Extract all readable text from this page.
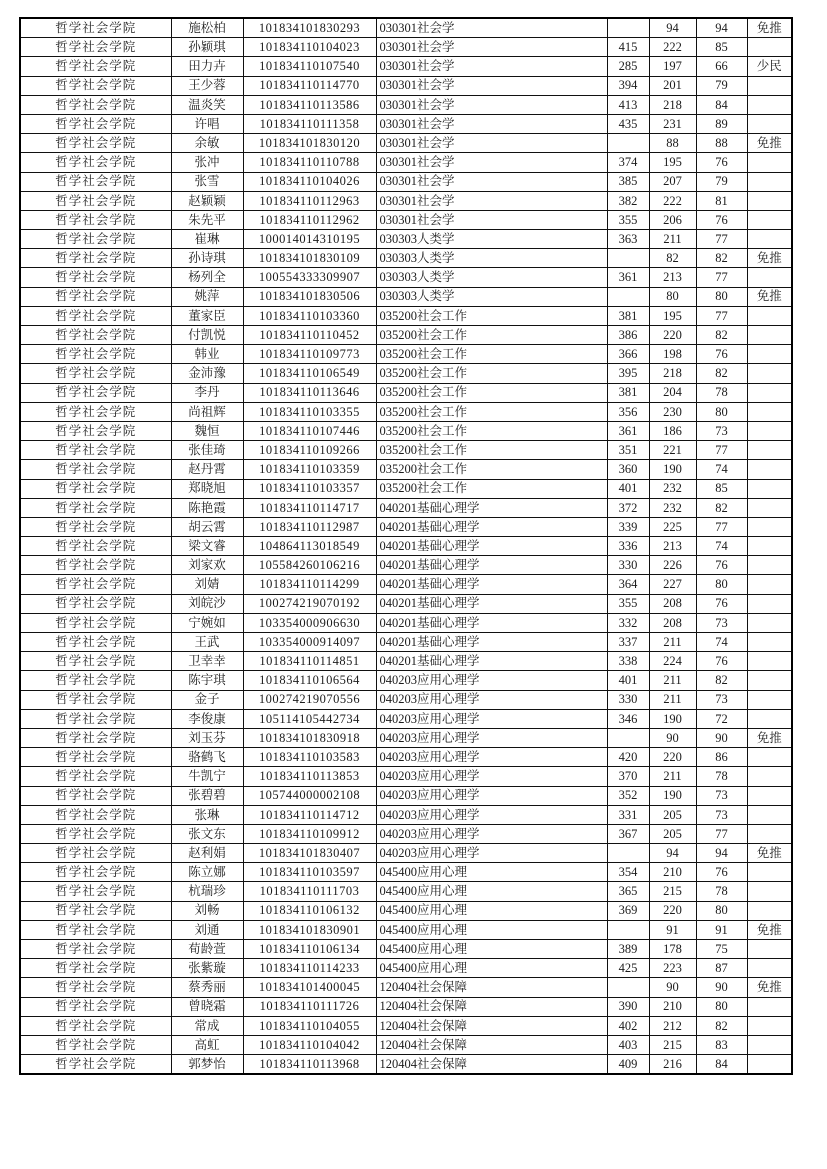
哲学社会学院	施松柏	101834101830293	030301社会学		94	94	免推
哲学社会学院	孙颖琪	101834110104023	030301社会学	415	222	85	
哲学社会学院	田力卉	101834110107540	030301社会学	285	197	66	少民
哲学社会学院	王少蓉	101834110114770	030301社会学	394	201	79	
哲学社会学院	温炎笑	101834110113586	030301社会学	413	218	84	
哲学社会学院	许唱	101834110111358	030301社会学	435	231	89	
哲学社会学院	余敏	101834101830120	030301社会学		88	88	免推
哲学社会学院	张冲	101834110110788	030301社会学	374	195	76	
哲学社会学院	张雪	101834110104026	030301社会学	385	207	79	
哲学社会学院	赵颖颖	101834110112963	030301社会学	382	222	81	
哲学社会学院	朱先平	101834110112962	030301社会学	355	206	76	
哲学社会学院	崔琳	100014014310195	030303人类学	363	211	77	
哲学社会学院	孙诗琪	101834101830109	030303人类学		82	82	免推
哲学社会学院	杨列全	100554333309907	030303人类学	361	213	77	
哲学社会学院	姚萍	101834101830506	030303人类学		80	80	免推
哲学社会学院	董家臣	101834110103360	035200社会工作	381	195	77	
哲学社会学院	付凯悦	101834110110452	035200社会工作	386	220	82	
哲学社会学院	韩业	101834110109773	035200社会工作	366	198	76	
哲学社会学院	金沛豫	101834110106549	035200社会工作	395	218	82	
哲学社会学院	李丹	101834110113646	035200社会工作	381	204	78	
哲学社会学院	尚祖辉	101834110103355	035200社会工作	356	230	80	
哲学社会学院	魏恒	101834110107446	035200社会工作	361	186	73	
哲学社会学院	张佳琦	101834110109266	035200社会工作	351	221	77	
哲学社会学院	赵丹霄	101834110103359	035200社会工作	360	190	74	
哲学社会学院	郑晓旭	101834110103357	035200社会工作	401	232	85	
哲学社会学院	陈艳霞	101834110114717	040201基础心理学	372	232	82	
哲学社会学院	胡云霄	101834110112987	040201基础心理学	339	225	77	
哲学社会学院	梁文睿	104864113018549	040201基础心理学	336	213	74	
哲学社会学院	刘家欢	105584260106216	040201基础心理学	330	226	76	
哲学社会学院	刘婧	101834110114299	040201基础心理学	364	227	80	
哲学社会学院	刘皖沙	100274219070192	040201基础心理学	355	208	76	
哲学社会学院	宁婉如	103354000906630	040201基础心理学	332	208	73	
哲学社会学院	王武	103354000914097	040201基础心理学	337	211	74	
哲学社会学院	卫幸幸	101834110114851	040201基础心理学	338	224	76	
哲学社会学院	陈宇琪	101834110106564	040203应用心理学	401	211	82	
哲学社会学院	金子	100274219070556	040203应用心理学	330	211	73	
哲学社会学院	李俊康	105114105442734	040203应用心理学	346	190	72	
哲学社会学院	刘玉芬	101834101830918	040203应用心理学		90	90	免推
哲学社会学院	骆鹤飞	101834110103583	040203应用心理学	420	220	86	
哲学社会学院	牛凯宁	101834110113853	040203应用心理学	370	211	78	
哲学社会学院	张碧碧	105744000002108	040203应用心理学	352	190	73	
哲学社会学院	张琳	101834110114712	040203应用心理学	331	205	73	
哲学社会学院	张文东	101834110109912	040203应用心理学	367	205	77	
哲学社会学院	赵利娟	101834101830407	040203应用心理学		94	94	免推
哲学社会学院	陈立娜	101834110103597	045400应用心理	354	210	76	
哲学社会学院	杭瑞珍	101834110111703	045400应用心理	365	215	78	
哲学社会学院	刘畅	101834110106132	045400应用心理	369	220	80	
哲学社会学院	刘通	101834101830901	045400应用心理		91	91	免推
哲学社会学院	荀龄萱	101834110106134	045400应用心理	389	178	75	
哲学社会学院	张紫璇	101834110114233	045400应用心理	425	223	87	
哲学社会学院	蔡秀丽	101834101400045	120404社会保障		90	90	免推
哲学社会学院	曾晓霜	101834110111726	120404社会保障	390	210	80	
哲学社会学院	常成	101834110104055	120404社会保障	402	212	82	
哲学社会学院	高虹	101834110104042	120404社会保障	403	215	83	
哲学社会学院	郭梦怡	101834110113968	120404社会保障	409	216	84	
